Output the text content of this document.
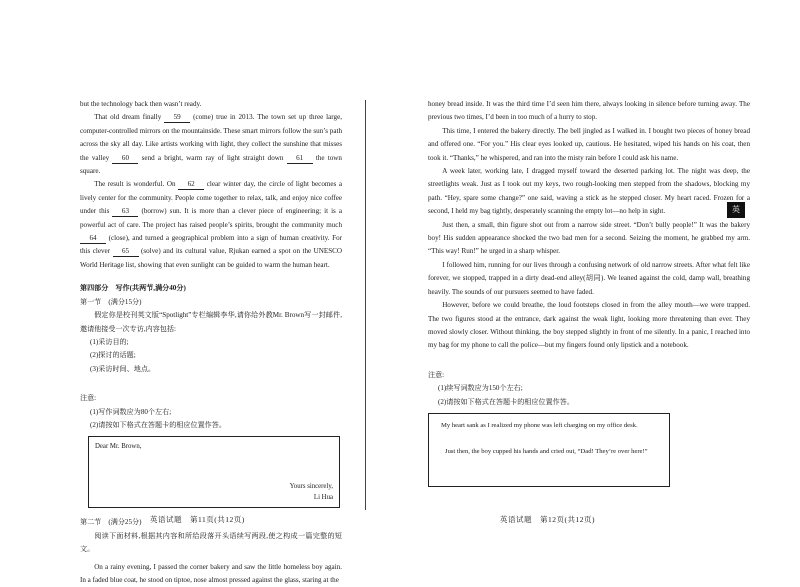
but the technology back then wasn’t ready.

That old dream finally 59 (come) true in 2013. The town set up three large, computer-controlled mirrors on the mountainside. These smart mirrors follow the sun’s path across the sky all day. Like artists working with light, they collect the sunshine that misses the valley 60 send a bright, warm ray of light straight down 61 the town square.

The result is wonderful. On 62 clear winter day, the circle of light becomes a lively center for the community. People come together to relax, talk, and enjoy nice coffee under this 63 (borrow) sun. It is more than a clever piece of engineering; it is a powerful act of care. The project has raised people’s spirits, brought the community much 64 (close), and turned a geographical problem into a sign of human creativity. For this clever 65 (solve) and its cultural value, Rjukan earned a spot on the UNESCO World Heritage list, showing that even sunlight can be guided to warm the human heart.

第四部分　写作(共两节,满分40分)

第一节　(满分15分)

假定你是校刊英文版“Spotlight”专栏编辑李华,请你给外教Mr. Brown写一封邮件,邀请他接受一次专访,内容包括:

(1)采访目的;

(2)探讨的话题;

(3)采访时间、地点。

注意:

(1)写作词数应为80个左右;

(2)请按如下格式在答题卡的相应位置作答。

Dear Mr. Brown,
Yours sincerely,
Li Hua

第二节　(满分25分)

阅读下面材料,根据其内容和所给段落开头语续写两段,使之构成一篇完整的短文。

On a rainy evening, I passed the corner bakery and saw the little homeless boy again. In a faded blue coat, he stood on tiptoe, nose almost pressed against the glass, staring at the

英语试题　第11页(共12页)

honey bread inside. It was the third time I’d seen him there, always looking in silence before turning away. The previous two times, I’d been in too much of a hurry to stop.

This time, I entered the bakery directly. The bell jingled as I walked in. I bought two pieces of honey bread and offered one. “For you.” His clear eyes looked up, cautious. He hesitated, wiped his hands on his coat, then took it. “Thanks,” he whispered, and ran into the misty rain before I could ask his name.

A week later, working late, I dragged myself toward the deserted parking lot. The night was deep, the streetlights weak. Just as I took out my keys, two rough-looking men stepped from the shadows, blocking my path. “Hey, spare some change?” one said, waving a stick as he stepped closer. My heart raced. Frozen for a second, I held my bag tightly, desperately scanning the empty lot—no help in sight.

Just then, a small, thin figure shot out from a narrow side street. “Don’t bully people!” It was the bakery boy! His sudden appearance shocked the two bad men for a second. Seizing the moment, he grabbed my arm. “This way! Run!” he urged in a sharp whisper.

I followed him, running for our lives through a confusing network of old narrow streets. After what felt like forever, we stopped, trapped in a dirty dead-end alley(胡同). We leaned against the cold, damp wall, breathing heavily. The sounds of our pursuers seemed to have faded.

However, before we could breathe, the loud footsteps closed in from the alley mouth—we were trapped. The two figures stood at the entrance, dark against the weak light, looking more threatening than ever. They moved slowly closer. Without thinking, the boy stepped slightly in front of me silently. In a panic, I reached into my bag for my phone to call the police—but my fingers found only lipstick and a notebook.

注意:

(1)续写词数应为150个左右;

(2)请按如下格式在答题卡的相应位置作答。

My heart sank as I realized my phone was left charging on my office desk.
Just then, the boy cupped his hands and cried out, “Dad! They’re over here!”
英语试题　第12页(共12页)
英
